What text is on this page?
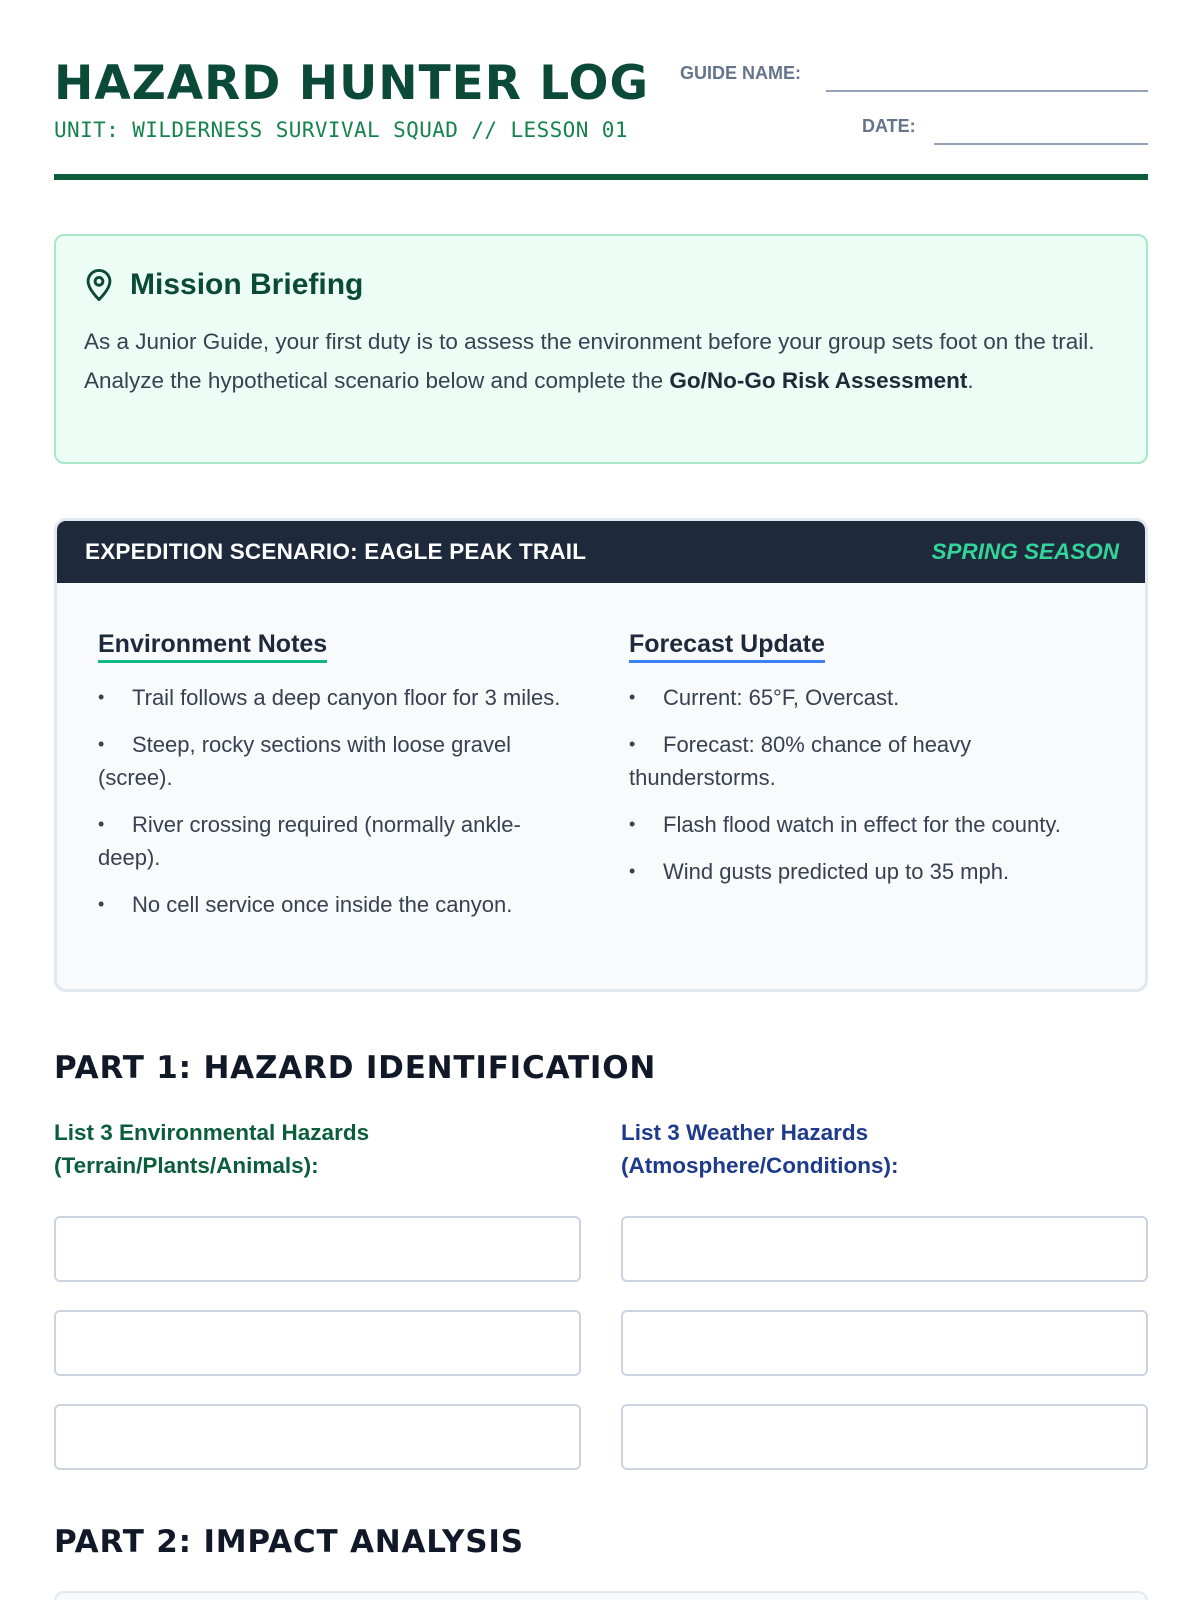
HAZARD HUNTER LOG
UNIT: WILDERNESS SURVIVAL SQUAD // LESSON 01
GUIDE NAME:
DATE:
Mission Briefing
As a Junior Guide, your first duty is to assess the environment before your group sets foot on the trail. Analyze the hypothetical scenario below and complete the Go/No-Go Risk Assessment.
EXPEDITION SCENARIO: EAGLE PEAK TRAIL	SPRING SEASON
Environment Notes
• Trail follows a deep canyon floor for 3 miles.
• Steep, rocky sections with loose gravel (scree).
• River crossing required (normally ankle-deep).
• No cell service once inside the canyon.
Forecast Update
• Current: 65°F, Overcast.
• Forecast: 80% chance of heavy thunderstorms.
• Flash flood watch in effect for the county.
• Wind gusts predicted up to 35 mph.
PART 1: HAZARD IDENTIFICATION
List 3 Environmental Hazards (Terrain/Plants/Animals):
List 3 Weather Hazards (Atmosphere/Conditions):
PART 2: IMPACT ANALYSIS
